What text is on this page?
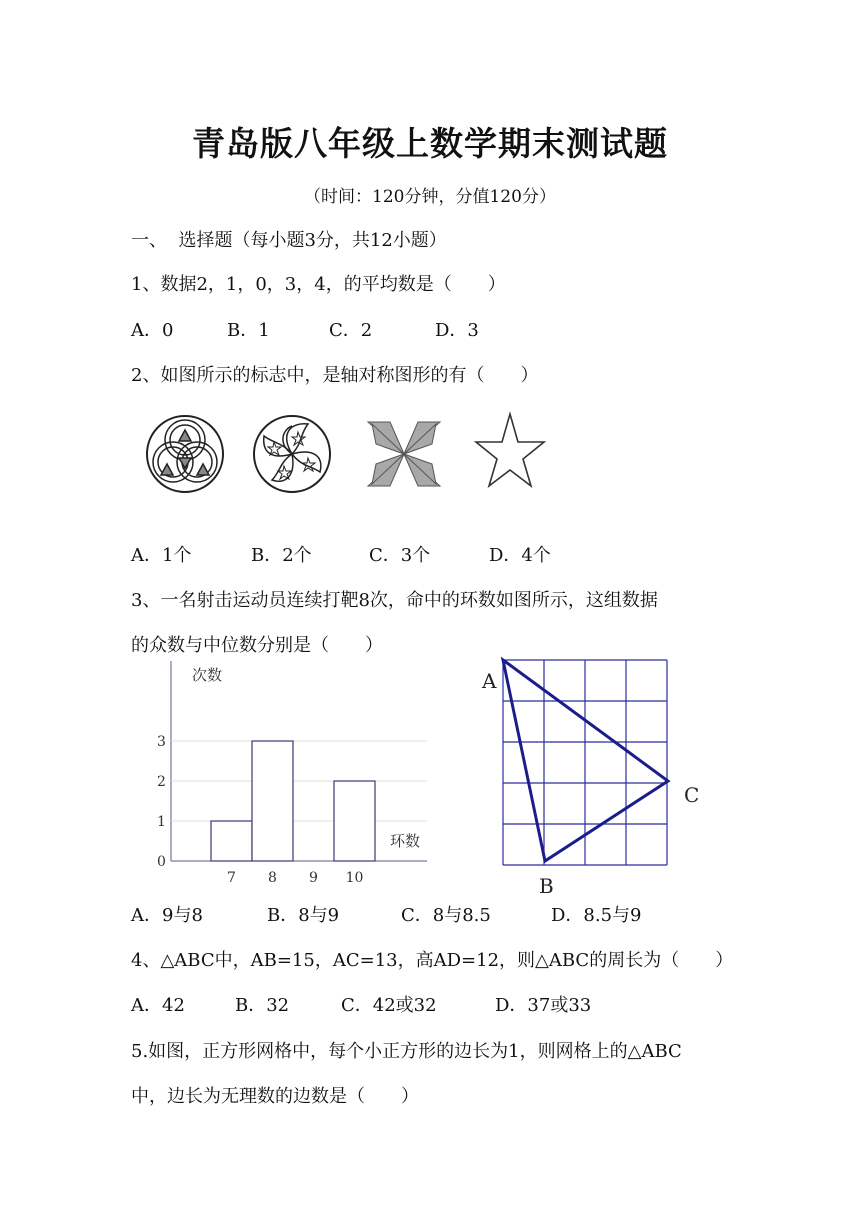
青岛版八年级上数学期末测试题
（时间：120分钟，分值120分）
一、  选择题（每小题3分，共12小题）
1、数据2，1，0，3，4，的平均数是（　　）
A．0	B．1	C．2	D．3
2、如图所示的标志中，是轴对称图形的有（　　）
A．1个	B．2个	C．3个	D．4个
3、一名射击运动员连续打靶8次，命中的环数如图所示，这组数据
的众数与中位数分别是（　　）
次数
环数
0
1
2
3
7 8 9 10
A
B
C
A．9与8	B．8与9	C．8与8.5	D．8.5与9
4、△ABC中，AB=15，AC=13，高AD=12，则△ABC的周长为（　　）
A．42	B．32	C．42或32	D．37或33
5.如图，正方形网格中，每个小正方形的边长为1，则网格上的△ABC
中，边长为无理数的边数是（　　）
